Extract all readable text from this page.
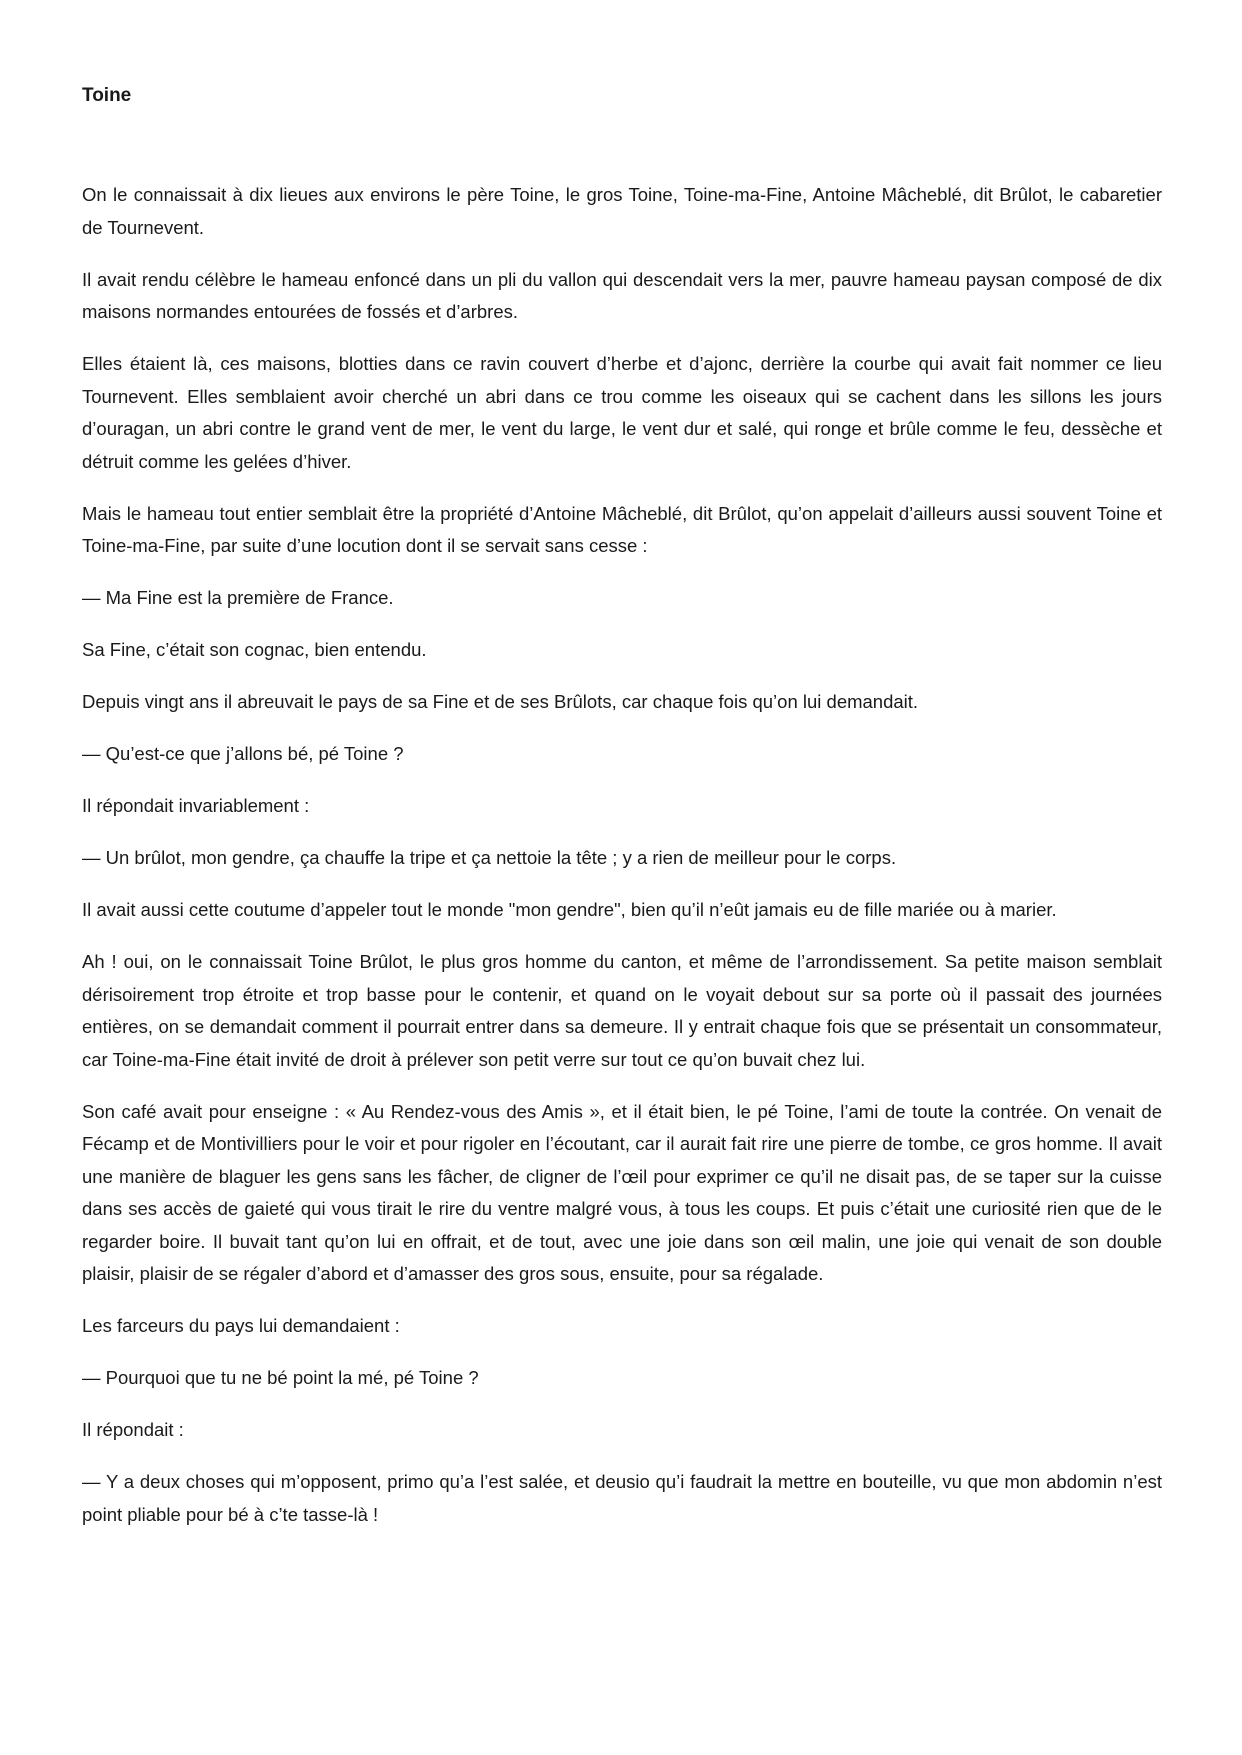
Toine

On le connaissait à dix lieues aux environs le père Toine, le gros Toine, Toine-ma-Fine, Antoine Mâcheblé, dit Brûlot, le cabaretier de Tournevent.

Il avait rendu célèbre le hameau enfoncé dans un pli du vallon qui descendait vers la mer, pauvre hameau paysan composé de dix maisons normandes entourées de fossés et d’arbres.

Elles étaient là, ces maisons, blotties dans ce ravin couvert d’herbe et d’ajonc, derrière la courbe qui avait fait nommer ce lieu Tournevent. Elles semblaient avoir cherché un abri dans ce trou comme les oiseaux qui se cachent dans les sillons les jours d’ouragan, un abri contre le grand vent de mer, le vent du large, le vent dur et salé, qui ronge et brûle comme le feu, dessèche et détruit comme les gelées d’hiver.

Mais le hameau tout entier semblait être la propriété d’Antoine Mâcheblé, dit Brûlot, qu’on appelait d’ailleurs aussi souvent Toine et Toine-ma-Fine, par suite d’une locution dont il se servait sans cesse :

— Ma Fine est la première de France.

Sa Fine, c’était son cognac, bien entendu.

Depuis vingt ans il abreuvait le pays de sa Fine et de ses Brûlots, car chaque fois qu’on lui demandait.

— Qu’est-ce que j’allons bé, pé Toine ?

Il répondait invariablement :

— Un brûlot, mon gendre, ça chauffe la tripe et ça nettoie la tête ; y a rien de meilleur pour le corps.

Il avait aussi cette coutume d’appeler tout le monde "mon gendre", bien qu’il n’eût jamais eu de fille mariée ou à marier.

Ah ! oui, on le connaissait Toine Brûlot, le plus gros homme du canton, et même de l’arrondissement. Sa petite maison semblait dérisoirement trop étroite et trop basse pour le contenir, et quand on le voyait debout sur sa porte où il passait des journées entières, on se demandait comment il pourrait entrer dans sa demeure. Il y entrait chaque fois que se présentait un consommateur, car Toine-ma-Fine était invité de droit à prélever son petit verre sur tout ce qu’on buvait chez lui.

Son café avait pour enseigne : « Au Rendez-vous des Amis », et il était bien, le pé Toine, l’ami de toute la contrée. On venait de Fécamp et de Montivilliers pour le voir et pour rigoler en l’écoutant, car il aurait fait rire une pierre de tombe, ce gros homme. Il avait une manière de blaguer les gens sans les fâcher, de cligner de l’œil pour exprimer ce qu’il ne disait pas, de se taper sur la cuisse dans ses accès de gaieté qui vous tirait le rire du ventre malgré vous, à tous les coups. Et puis c’était une curiosité rien que de le regarder boire. Il buvait tant qu’on lui en offrait, et de tout, avec une joie dans son œil malin, une joie qui venait de son double plaisir, plaisir de se régaler d’abord et d’amasser des gros sous, ensuite, pour sa régalade.

Les farceurs du pays lui demandaient :

— Pourquoi que tu ne bé point la mé, pé Toine ?

Il répondait :

— Y a deux choses qui m’opposent, primo qu’a l’est salée, et deusio qu’i faudrait la mettre en bouteille, vu que mon abdomin n’est point pliable pour bé à c’te tasse-là !
